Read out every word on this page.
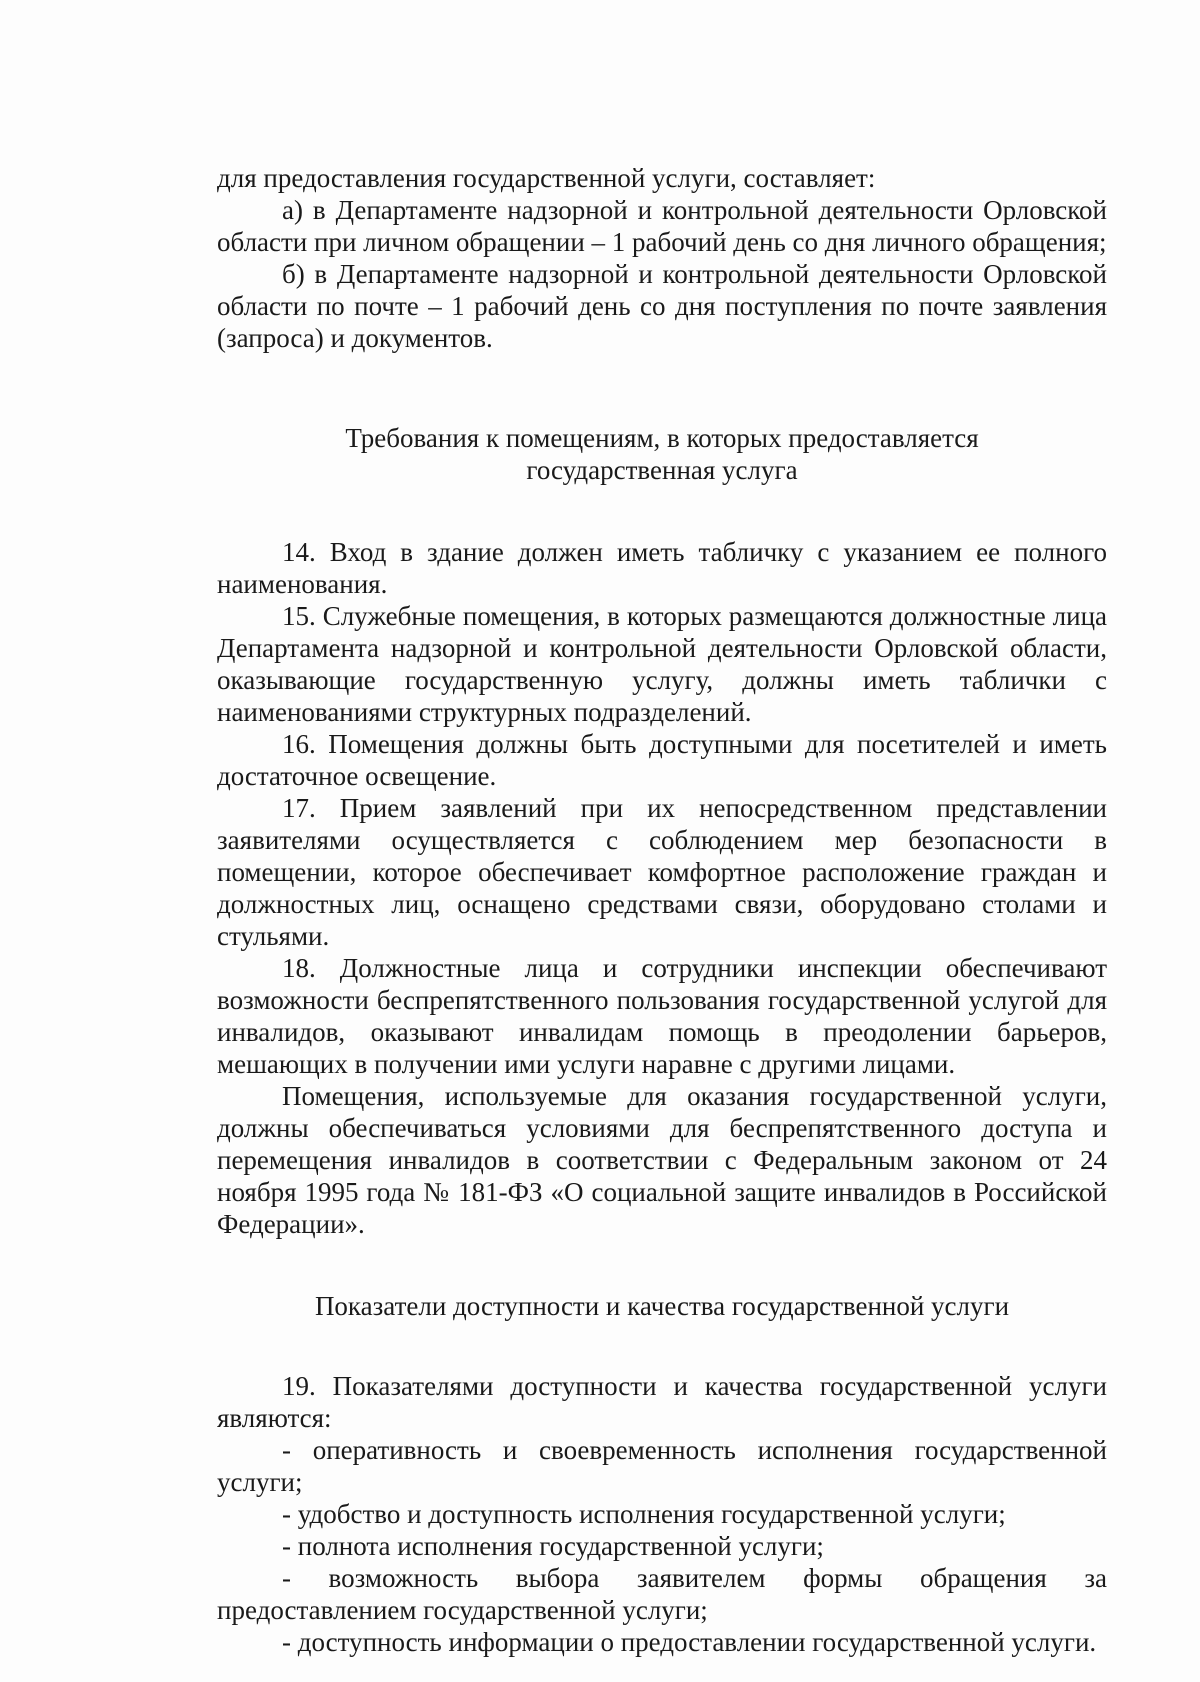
для предоставления государственной услуги, составляет:

а) в Департаменте надзорной и контрольной деятельности Орловской области при личном обращении – 1 рабочий день со дня личного обращения;

б) в Департаменте надзорной и контрольной деятельности Орловской области по почте – 1 рабочий день со дня поступления по почте заявления (запроса) и документов.

Требования к помещениям, в которых предоставляется
государственная услуга

14. Вход в здание должен иметь табличку с указанием ее полного наименования.

15. Служебные помещения, в которых размещаются должностные лица Департамента надзорной и контрольной деятельности Орловской области, оказывающие государственную услугу, должны иметь таблички с наименованиями структурных подразделений.

16. Помещения должны быть доступными для посетителей и иметь достаточное освещение.

17. Прием заявлений при их непосредственном представлении заявителями осуществляется с соблюдением мер безопасности в помещении, которое обеспечивает комфортное расположение граждан и должностных лиц, оснащено средствами связи, оборудовано столами и стульями.

18. Должностные лица и сотрудники инспекции обеспечивают возможности беспрепятственного пользования государственной услугой для инвалидов, оказывают инвалидам помощь в преодолении барьеров, мешающих в получении ими услуги наравне с другими лицами.

Помещения, используемые для оказания государственной услуги, должны обеспечиваться условиями для беспрепятственного доступа и перемещения инвалидов в соответствии с Федеральным законом от 24 ноября 1995 года № 181-ФЗ «О социальной защите инвалидов в Российской Федерации».

Показатели доступности и качества государственной услуги

19. Показателями доступности и качества государственной услуги являются:

- оперативность и своевременность исполнения государственной услуги;

- удобство и доступность исполнения государственной услуги;

- полнота исполнения государственной услуги;

- возможность выбора заявителем формы обращения за предоставлением государственной услуги;

- доступность информации о предоставлении государственной услуги.
